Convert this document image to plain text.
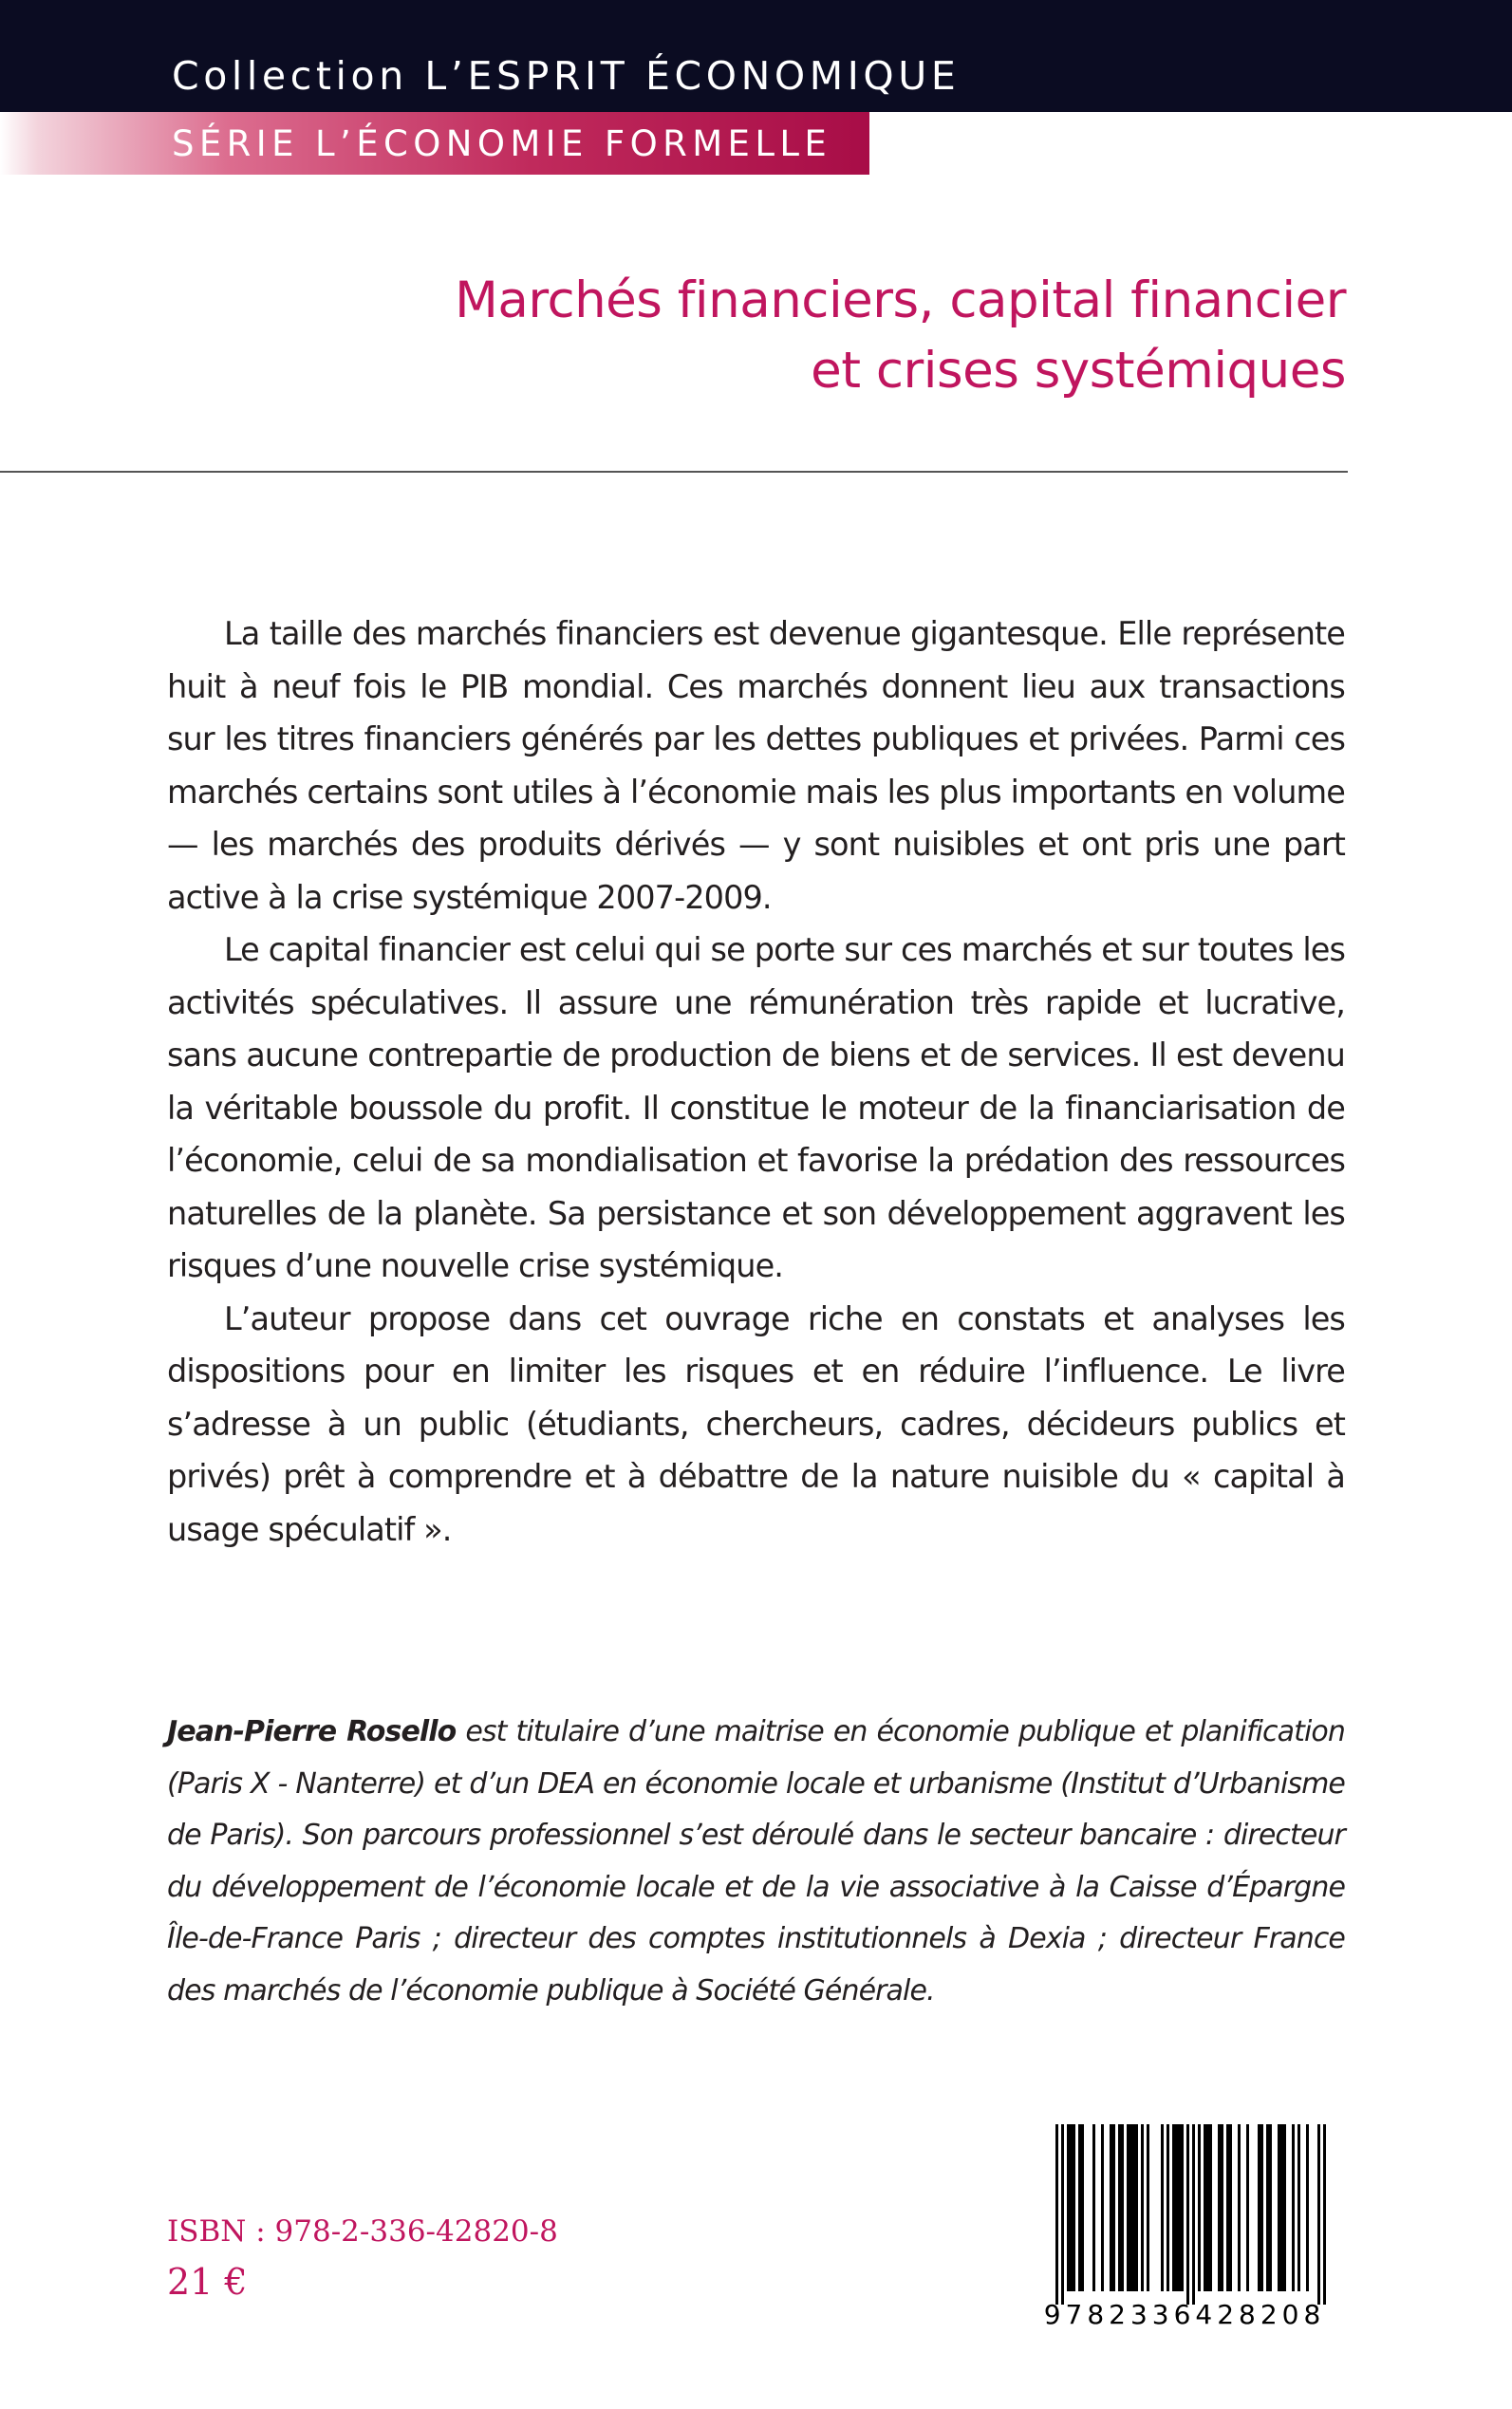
Collection L’ESPRIT ÉCONOMIQUE
SÉRIE L’ÉCONOMIE FORMELLE
Marchés financiers, capital financier
et crises systémiques

La taille des marchés financiers est devenue gigantesque. Elle représente huit à neuf fois le PIB mondial. Ces marchés donnent lieu aux transactions sur les titres financiers générés par les dettes publiques et privées. Parmi ces marchés certains sont utiles à l’économie mais les plus importants en volume — les marchés des produits dérivés — y sont nuisibles et ont pris une part active à la crise systémique 2007-2009.

Le capital financier est celui qui se porte sur ces marchés et sur toutes les activités spéculatives. Il assure une rémunération très rapide et lucrative, sans aucune contrepartie de production de biens et de services. Il est devenu la véritable boussole du profit. Il constitue le moteur de la financiarisation de l’économie, celui de sa mondialisation et favorise la prédation des ressources naturelles de la planète. Sa persistance et son développement aggravent les risques d’une nouvelle crise systémique.

L’auteur propose dans cet ouvrage riche en constats et analyses les dispositions pour en limiter les risques et en réduire l’influence. Le livre s’adresse à un public (étudiants, chercheurs, cadres, décideurs publics et privés) prêt à comprendre et à débattre de la nature nuisible du « capital à usage spéculatif ».

Jean-Pierre Rosello est titulaire d’une maitrise en économie publique et planification (Paris X - Nanterre) et d’un DEA en économie locale et urbanisme (Institut d’Urbanisme de Paris). Son parcours professionnel s’est déroulé dans le secteur bancaire : directeur du développement de l’économie locale et de la vie associative à la Caisse d’Épargne Île-de-France Paris ; directeur des comptes institutionnels à Dexia ; directeur France des marchés de l’économie publique à Société Générale.

ISBN : 978-2-336-42820-8
21 €
9782336428208
